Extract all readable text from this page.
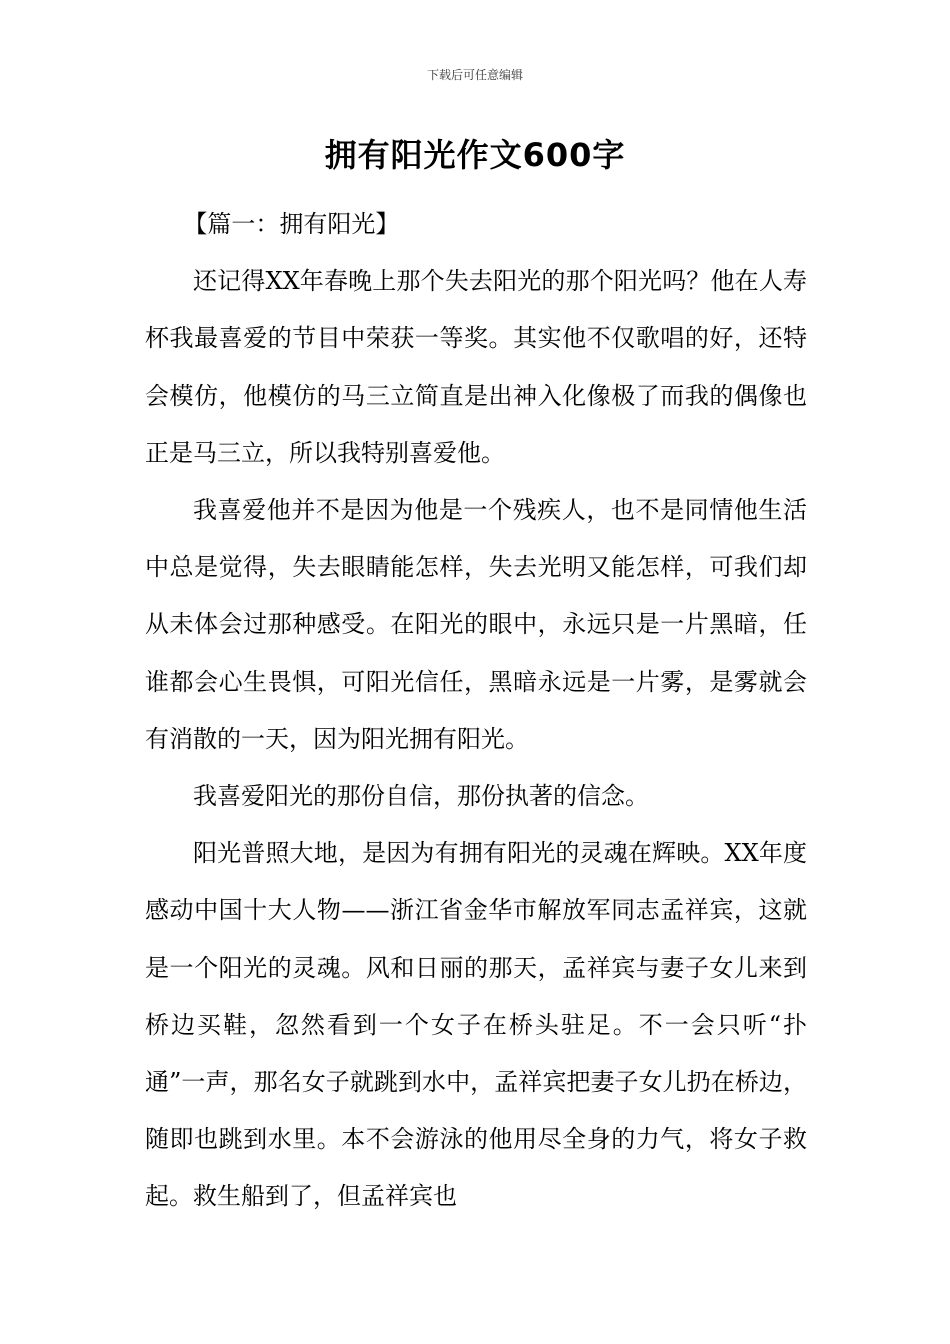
下载后可任意编辑
拥有阳光作文600字

【篇一：拥有阳光】

还记得XX年春晚上那个失去阳光的那个阳光吗？他在人寿杯我最喜爱的节目中荣获一等奖。其实他不仅歌唱的好，还特会模仿，他模仿的马三立简直是出神入化像极了而我的偶像也正是马三立，所以我特别喜爱他。

我喜爱他并不是因为他是一个残疾人，也不是同情他生活中总是觉得，失去眼睛能怎样，失去光明又能怎样，可我们却从未体会过那种感受。在阳光的眼中，永远只是一片黑暗，任谁都会心生畏惧，可阳光信任，黑暗永远是一片雾，是雾就会有消散的一天，因为阳光拥有阳光。

我喜爱阳光的那份自信，那份执著的信念。

阳光普照大地，是因为有拥有阳光的灵魂在辉映。XX年度感动中国十大人物——浙江省金华市解放军同志孟祥宾，这就是一个阳光的灵魂。风和日丽的那天，孟祥宾与妻子女儿来到桥边买鞋，忽然看到一个女子在桥头驻足。不一会只听“扑通”一声，那名女子就跳到水中，孟祥宾把妻子女儿扔在桥边，随即也跳到水里。本不会游泳的他用尽全身的力气，将女子救起。救生船到了，但孟祥宾也
